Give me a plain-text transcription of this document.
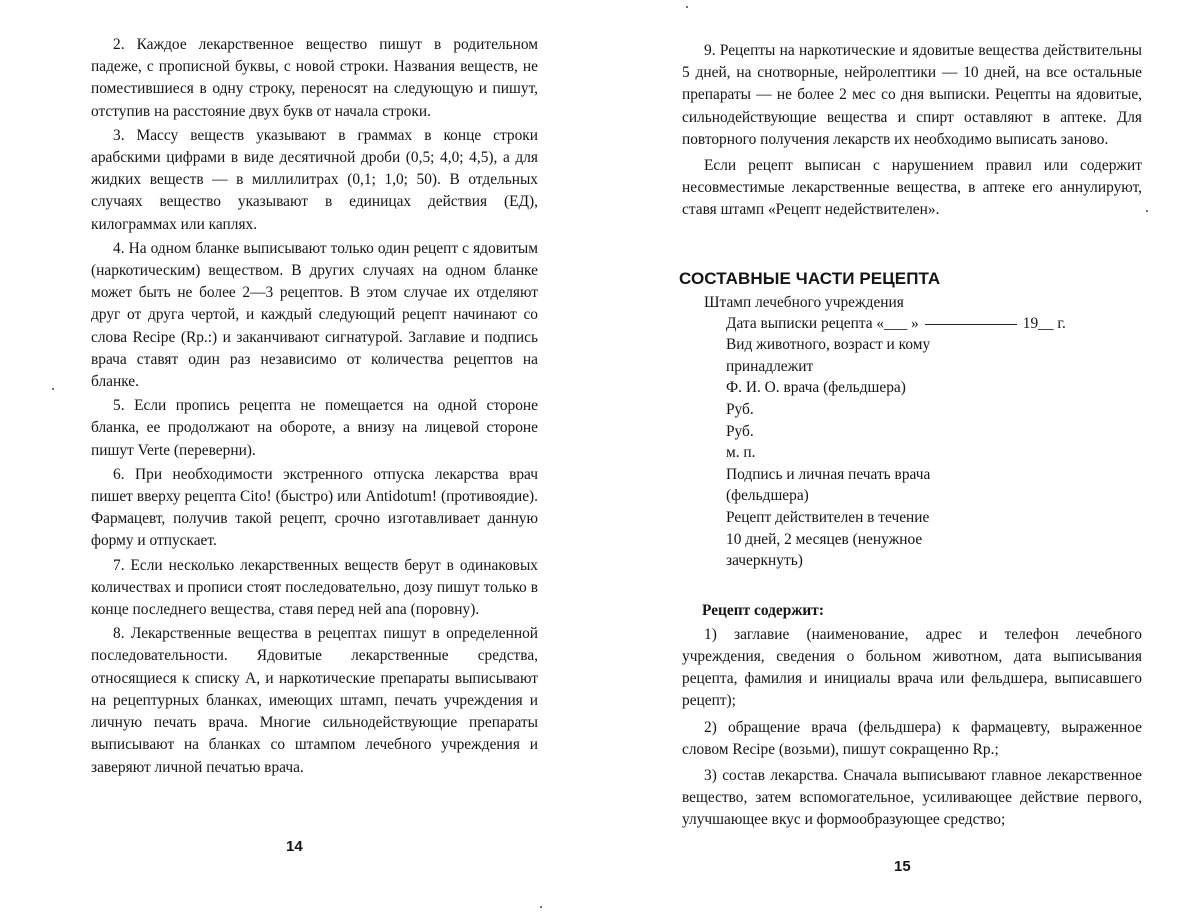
2. Каждое лекарственное вещество пишут в родительном падеже, с прописной буквы, с новой строки. Названия веществ, не поместившиеся в одну строку, переносят на следующую и пишут, отступив на расстояние двух букв от начала строки.

3. Массу веществ указывают в граммах в конце строки арабскими цифрами в виде десятичной дроби (0,5; 4,0; 4,5), а для жидких веществ — в миллилитрах (0,1; 1,0; 50). В отдельных случаях вещество указывают в единицах действия (ЕД), килограммах или каплях.

4. На одном бланке выписывают только один рецепт с ядовитым (наркотическим) веществом. В других случаях на одном бланке может быть не более 2—3 рецептов. В этом случае их отделяют друг от друга чертой, и каждый следующий рецепт начинают со слова Recipe (Rp.:) и заканчивают сигнатурой. Заглавие и подпись врача ставят один раз независимо от количества рецептов на бланке.

5. Если пропись рецепта не помещается на одной стороне бланка, ее продолжают на обороте, а внизу на лицевой стороне пишут Verte (переверни).

6. При необходимости экстренного отпуска лекарства врач пишет вверху рецепта Cito! (быстро) или Antidotum! (противоядие). Фармацевт, получив такой рецепт, срочно изготавливает данную форму и отпускает.

7. Если несколько лекарственных веществ берут в одинаковых количествах и прописи стоят последовательно, дозу пишут только в конце последнего вещества, ставя перед ней ana (поровну).

8. Лекарственные вещества в рецептах пишут в определенной последовательности. Ядовитые лекарственные средства, относящиеся к списку А, и наркотические препараты выписывают на рецептурных бланках, имеющих штамп, печать учреждения и личную печать врача. Многие сильнодействующие препараты выписывают на бланках со штампом лечебного учреждения и заверяют личной печатью врача.

14

9. Рецепты на наркотические и ядовитые вещества действительны 5 дней, на снотворные, нейролептики — 10 дней, на все остальные препараты — не более 2 мес со дня выписки. Рецепты на ядовитые, сильнодействующие вещества и спирт оставляют в аптеке. Для повторного получения лекарств их необходимо выписать заново.

Если рецепт выписан с нарушением правил или содержит несовместимые лекарственные вещества, в аптеке его аннулируют, ставя штамп «Рецепт недействителен».

СОСТАВНЫЕ ЧАСТИ РЕЦЕПТА
Штамп лечебного учреждения
Дата выписки рецепта «___ »	19__ г.
Вид животного, возраст и кому
принадлежит
Ф. И. О. врача (фельдшера)
Руб.
Руб.
м. п.
Подпись и личная печать врача
(фельдшера)
Рецепт действителен в течение
10 дней, 2 месяцев (ненужное
зачеркнуть)
Рецепт содержит:

1) заглавие (наименование, адрес и телефон лечебного учреждения, сведения о больном животном, дата выписывания рецепта, фамилия и инициалы врача или фельдшера, выписавшего рецепт);

2) обращение врача (фельдшера) к фармацевту, выраженное словом Recipe (возьми), пишут сокращенно Rp.;

3) состав лекарства. Сначала выписывают главное лекарственное вещество, затем вспомогательное, усиливающее действие первого, улучшающее вкус и формообразующее средство;

15
